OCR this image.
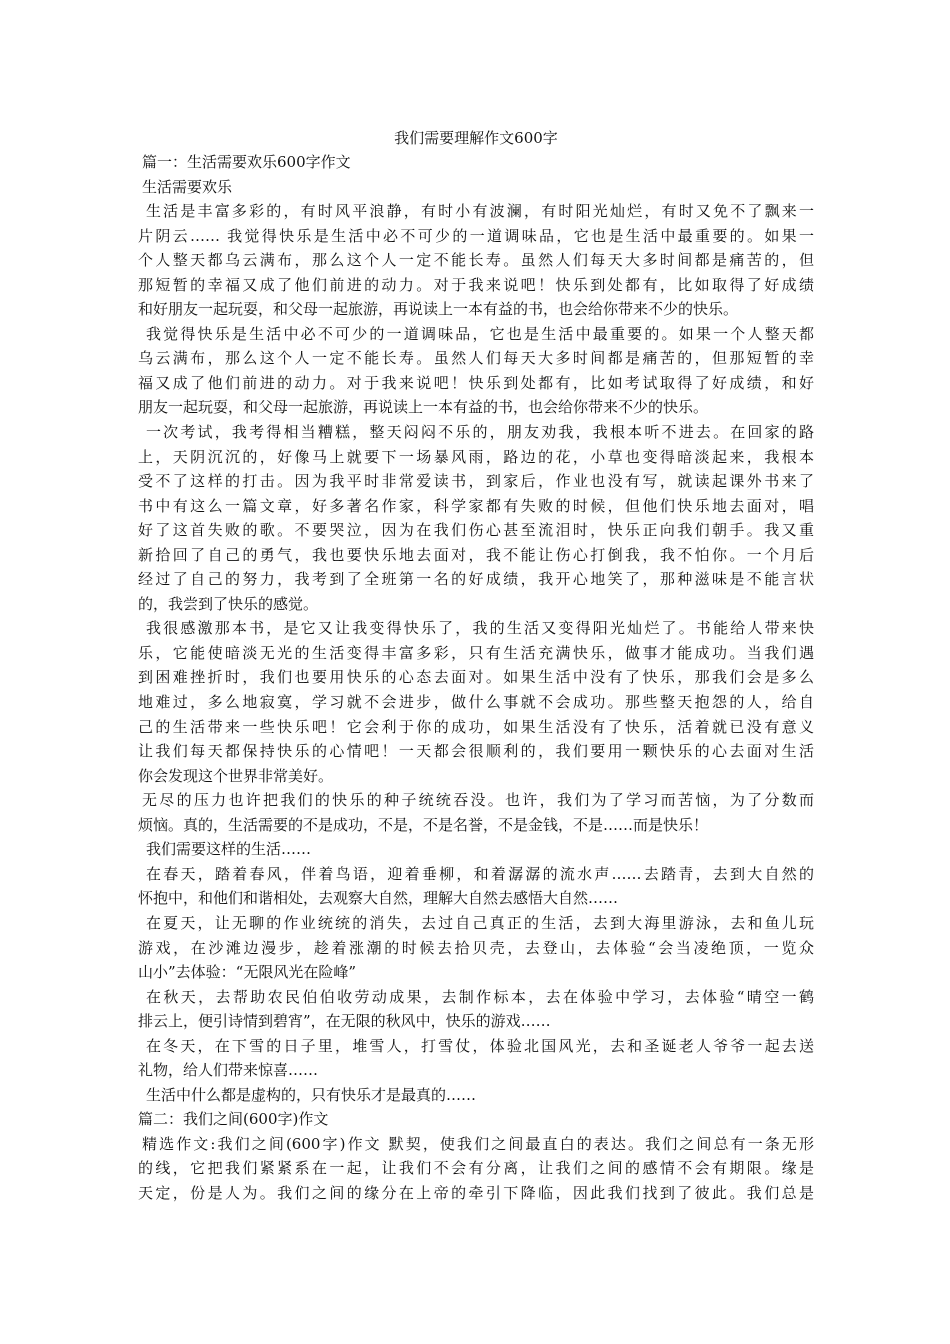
我们需要理解作文600字
篇一：生活需要欢乐600字作文
生活需要欢乐
生活是丰富多彩的，有时风平浪静，有时小有波澜，有时阳光灿烂，有时又免不了飘来一
片阴云…… 我觉得快乐是生活中必不可少的一道调味品，它也是生活中最重要的。如果一
个人整天都乌云满布，那么这个人一定不能长寿。虽然人们每天大多时间都是痛苦的，但
那短暂的幸福又成了他们前进的动力。对于我来说吧！快乐到处都有，比如取得了好成绩
和好朋友一起玩耍，和父母一起旅游，再说读上一本有益的书，也会给你带来不少的快乐。
我觉得快乐是生活中必不可少的一道调味品，它也是生活中最重要的。如果一个人整天都
乌云满布，那么这个人一定不能长寿。虽然人们每天大多时间都是痛苦的，但那短暂的幸
福又成了他们前进的动力。对于我来说吧！快乐到处都有，比如考试取得了好成绩，和好
朋友一起玩耍，和父母一起旅游，再说读上一本有益的书，也会给你带来不少的快乐。
一次考试，我考得相当糟糕，整天闷闷不乐的，朋友劝我，我根本听不进去。在回家的路
上，天阴沉沉的，好像马上就要下一场暴风雨，路边的花，小草也变得暗淡起来，我根本
受不了这样的打击。因为我平时非常爱读书，到家后，作业也没有写，就读起课外书来了
书中有这么一篇文章，好多著名作家，科学家都有失败的时候，但他们快乐地去面对，唱
好了这首失败的歌。不要哭泣，因为在我们伤心甚至流泪时，快乐正向我们朝手。我又重
新拾回了自己的勇气，我也要快乐地去面对，我不能让伤心打倒我，我不怕你。一个月后
经过了自己的努力，我考到了全班第一名的好成绩，我开心地笑了，那种滋味是不能言状
的，我尝到了快乐的感觉。
我很感激那本书，是它又让我变得快乐了，我的生活又变得阳光灿烂了。书能给人带来快
乐，它能使暗淡无光的生活变得丰富多彩，只有生活充满快乐，做事才能成功。当我们遇
到困难挫折时，我们也要用快乐的心态去面对。如果生活中没有了快乐，那我们会是多么
地难过，多么地寂寞，学习就不会进步，做什么事就不会成功。那些整天抱怨的人，给自
己的生活带来一些快乐吧！它会利于你的成功，如果生活没有了快乐，活着就已没有意义
让我们每天都保持快乐的心情吧！一天都会很顺利的，我们要用一颗快乐的心去面对生活
你会发现这个世界非常美好。
无尽的压力也许把我们的快乐的种子统统吞没。也许，我们为了学习而苦恼，为了分数而
烦恼。真的，生活需要的不是成功，不是，不是名誉，不是金钱，不是……而是快乐！
我们需要这样的生活……
在春天，踏着春风，伴着鸟语，迎着垂柳，和着潺潺的流水声……去踏青，去到大自然的
怀抱中，和他们和谐相处，去观察大自然，理解大自然去感悟大自然……
在夏天，让无聊的作业统统的消失，去过自己真正的生活，去到大海里游泳，去和鱼儿玩
游戏，在沙滩边漫步，趁着涨潮的时候去拾贝壳，去登山，去体验“会当凌绝顶，一览众
山小”去体验：“无限风光在险峰”
在秋天，去帮助农民伯伯收劳动成果，去制作标本，去在体验中学习，去体验“晴空一鹤
排云上，便引诗情到碧宵”，在无限的秋风中，快乐的游戏……
在冬天，在下雪的日子里，堆雪人，打雪仗，体验北国风光，去和圣诞老人爷爷一起去送
礼物，给人们带来惊喜……
生活中什么都是虚构的，只有快乐才是最真的……
篇二：我们之间(600字)作文
精选作文:我们之间(600字)作文 默契，使我们之间最直白的表达。我们之间总有一条无形
的线，它把我们紧紧系在一起，让我们不会有分离，让我们之间的感情不会有期限。缘是
天定，份是人为。我们之间的缘分在上帝的牵引下降临，因此我们找到了彼此。我们总是
